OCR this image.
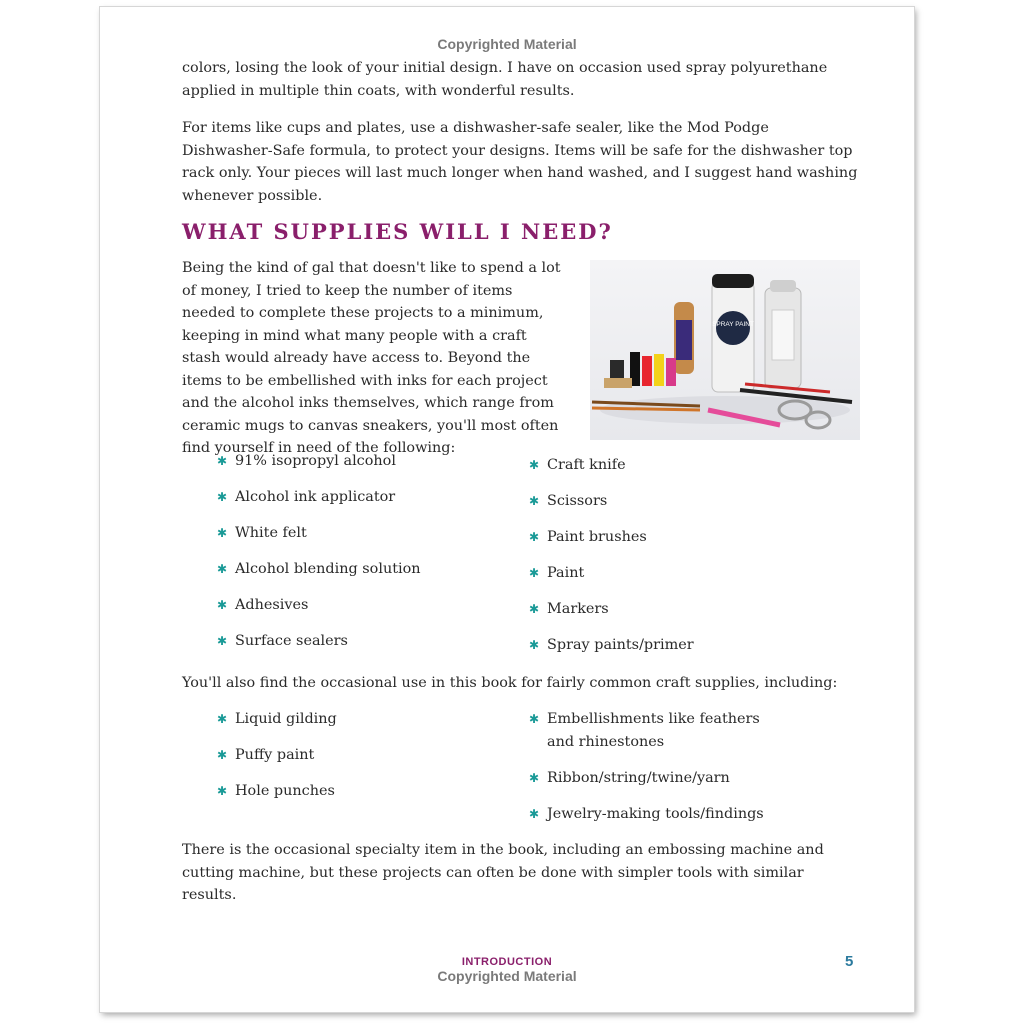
Copyrighted Material
colors, losing the look of your initial design. I have on occasion used spray polyurethane applied in multiple thin coats, with wonderful results.
For items like cups and plates, use a dishwasher-safe sealer, like the Mod Podge Dishwasher-Safe formula, to protect your designs. Items will be safe for the dishwasher top rack only. Your pieces will last much longer when hand washed, and I suggest hand washing whenever possible.
WHAT SUPPLIES WILL I NEED?
Being the kind of gal that doesn't like to spend a lot of money, I tried to keep the number of items needed to complete these projects to a minimum, keeping in mind what many people with a craft stash would already have access to. Beyond the items to be embellished with inks for each project and the alcohol inks themselves, which range from ceramic mugs to canvas sneakers, you'll most often find yourself in need of the following:
SPRAY PAINT
✱ 91% isopropyl alcohol
✱ Alcohol ink applicator
✱ White felt
✱ Alcohol blending solution
✱ Adhesives
✱ Surface sealers
✱ Craft knife
✱ Scissors
✱ Paint brushes
✱ Paint
✱ Markers
✱ Spray paints/primer
You'll also find the occasional use in this book for fairly common craft supplies, including:
✱ Liquid gilding
✱ Puffy paint
✱ Hole punches
✱ Embellishments like feathers and rhinestones
✱ Ribbon/string/twine/yarn
✱ Jewelry-making tools/findings
There is the occasional specialty item in the book, including an embossing machine and cutting machine, but these projects can often be done with simpler tools with similar results.
INTRODUCTION
Copyrighted Material
5
